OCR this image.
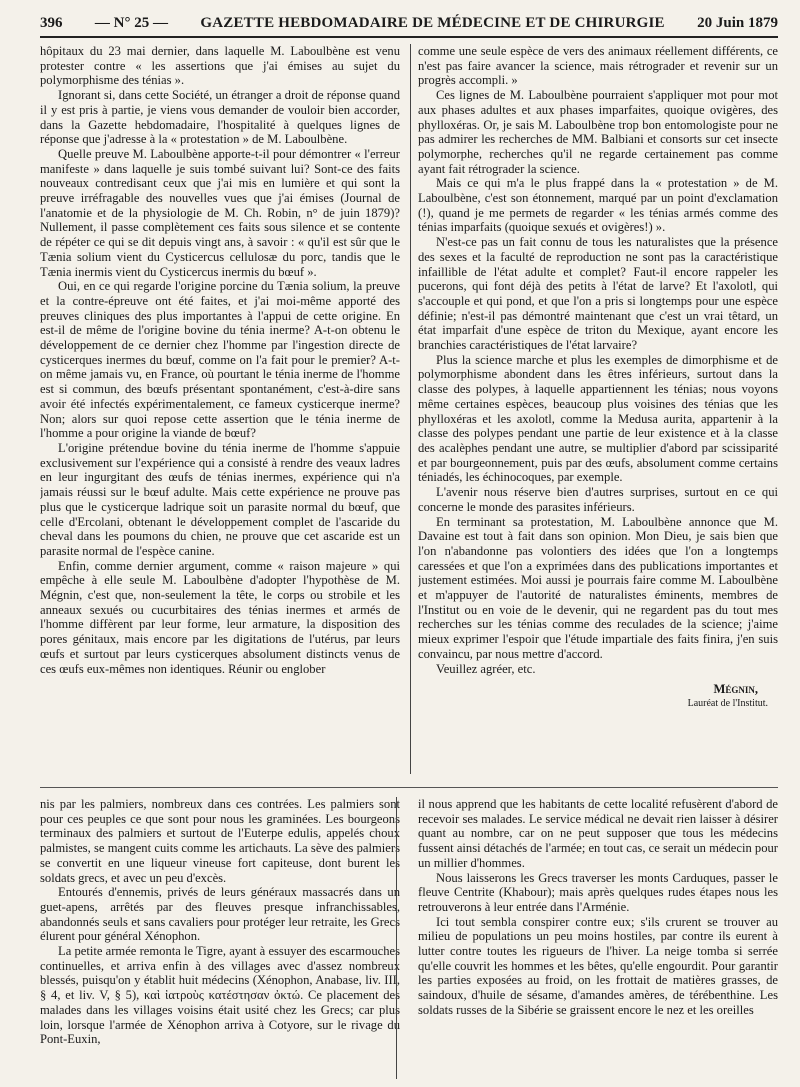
396 — N° 25 — GAZETTE HEBDOMADAIRE DE MÉDECINE ET DE CHIRURGIE 20 Juin 1879

hôpitaux du 23 mai dernier, dans laquelle M. Laboulbène est venu protester contre « les assertions que j'ai émises au sujet du polymorphisme des ténias ».

Ignorant si, dans cette Société, un étranger a droit de réponse quand il y est pris à partie, je viens vous demander de vouloir bien accorder, dans la Gazette hebdomadaire, l'hospitalité à quelques lignes de réponse que j'adresse à la « protestation » de M. Laboulbène.

Quelle preuve M. Laboulbène apporte-t-il pour démontrer « l'erreur manifeste » dans laquelle je suis tombé suivant lui? Sont-ce des faits nouveaux contredisant ceux que j'ai mis en lumière et qui sont la preuve irréfragable des nouvelles vues que j'ai émises (Journal de l'anatomie et de la physiologie de M. Ch. Robin, n° de juin 1879)? Nullement, il passe complètement ces faits sous silence et se contente de répéter ce qui se dit depuis vingt ans, à savoir : « qu'il est sûr que le Tænia solium vient du Cysticercus cellulosæ du porc, tandis que le Tænia inermis vient du Cysticercus inermis du bœuf ».

Oui, en ce qui regarde l'origine porcine du Tænia solium, la preuve et la contre-épreuve ont été faites, et j'ai moi-même apporté des preuves cliniques des plus importantes à l'appui de cette origine. En est-il de même de l'origine bovine du ténia inerme? A-t-on obtenu le développement de ce dernier chez l'homme par l'ingestion directe de cysticerques inermes du bœuf, comme on l'a fait pour le premier? A-t-on même jamais vu, en France, où pourtant le ténia inerme de l'homme est si commun, des bœufs présentant spontanément, c'est-à-dire sans avoir été infectés expérimentalement, ce fameux cysticerque inerme? Non; alors sur quoi repose cette assertion que le ténia inerme de l'homme a pour origine la viande de bœuf?

L'origine prétendue bovine du ténia inerme de l'homme s'appuie exclusivement sur l'expérience qui a consisté à rendre des veaux ladres en leur ingurgitant des œufs de ténias inermes, expérience qui n'a jamais réussi sur le bœuf adulte. Mais cette expérience ne prouve pas plus que le cysticerque ladrique soit un parasite normal du bœuf, que celle d'Ercolani, obtenant le développement complet de l'ascaride du cheval dans les poumons du chien, ne prouve que cet ascaride est un parasite normal de l'espèce canine.

Enfin, comme dernier argument, comme « raison majeure » qui empêche à elle seule M. Laboulbène d'adopter l'hypothèse de M. Mégnin, c'est que, non-seulement la tête, le corps ou strobile et les anneaux sexués ou cucurbitaires des ténias inermes et armés de l'homme diffèrent par leur forme, leur armature, la disposition des pores génitaux, mais encore par les digitations de l'utérus, par leurs œufs et surtout par leurs cysticerques absolument distincts venus de ces œufs eux-mêmes non identiques. Réunir ou englober

comme une seule espèce de vers des animaux réellement différents, ce n'est pas faire avancer la science, mais rétrograder et revenir sur un progrès accompli. »

Ces lignes de M. Laboulbène pourraient s'appliquer mot pour mot aux phases adultes et aux phases imparfaites, quoique ovigères, des phylloxéras. Or, je sais M. Laboulbène trop bon entomologiste pour ne pas admirer les recherches de MM. Balbiani et consorts sur cet insecte polymorphe, recherches qu'il ne regarde certainement pas comme ayant fait rétrograder la science.

Mais ce qui m'a le plus frappé dans la « protestation » de M. Laboulbène, c'est son étonnement, marqué par un point d'exclamation (!), quand je me permets de regarder « les ténias armés comme des ténias imparfaits (quoique sexués et ovigères!) ».

N'est-ce pas un fait connu de tous les naturalistes que la présence des sexes et la faculté de reproduction ne sont pas la caractéristique infaillible de l'état adulte et complet? Faut-il encore rappeler les pucerons, qui font déjà des petits à l'état de larve? Et l'axolotl, qui s'accouple et qui pond, et que l'on a pris si longtemps pour une espèce définie; n'est-il pas démontré maintenant que c'est un vrai têtard, un état imparfait d'une espèce de triton du Mexique, ayant encore les branchies caractéristiques de l'état larvaire?

Plus la science marche et plus les exemples de dimorphisme et de polymorphisme abondent dans les êtres inférieurs, surtout dans la classe des polypes, à laquelle appartiennent les ténias; nous voyons même certaines espèces, beaucoup plus voisines des ténias que les phylloxéras et les axolotl, comme la Medusa aurita, appartenir à la classe des polypes pendant une partie de leur existence et à la classe des acalèphes pendant une autre, se multiplier d'abord par scissiparité et par bourgeonnement, puis par des œufs, absolument comme certains téniadés, les échinocoques, par exemple.

L'avenir nous réserve bien d'autres surprises, surtout en ce qui concerne le monde des parasites inférieurs.

En terminant sa protestation, M. Laboulbène annonce que M. Davaine est tout à fait dans son opinion. Mon Dieu, je sais bien que l'on n'abandonne pas volontiers des idées que l'on a longtemps caressées et que l'on a exprimées dans des publications importantes et justement estimées. Moi aussi je pourrais faire comme M. Laboulbène et m'appuyer de l'autorité de naturalistes éminents, membres de l'Institut ou en voie de le devenir, qui ne regardent pas du tout mes recherches sur les ténias comme des reculades de la science; j'aime mieux exprimer l'espoir que l'étude impartiale des faits finira, j'en suis convaincu, par nous mettre d'accord.

Veuillez agréer, etc.

Mégnin,
Lauréat de l'Institut.

nis par les palmiers, nombreux dans ces contrées. Les palmiers sont pour ces peuples ce que sont pour nous les graminées. Les bourgeons terminaux des palmiers et surtout de l'Euterpe edulis, appelés choux palmistes, se mangent cuits comme les artichauts. La sève des palmiers se convertit en une liqueur vineuse fort capiteuse, dont burent les soldats grecs, et avec un peu d'excès.

Entourés d'ennemis, privés de leurs généraux massacrés dans un guet-apens, arrêtés par des fleuves presque infranchissables, abandonnés seuls et sans cavaliers pour protéger leur retraite, les Grecs élurent pour général Xénophon.

La petite armée remonta le Tigre, ayant à essuyer des escarmouches continuelles, et arriva enfin à des villages avec d'assez nombreux blessés, puisqu'on y établit huit médecins (Xénophon, Anabase, liv. III, § 4, et liv. V, § 5), καὶ ἰατροὺς κατέστησαν ὀκτώ. Ce placement des malades dans les villages voisins était usité chez les Grecs; car plus loin, lorsque l'armée de Xénophon arriva à Cotyore, sur le rivage du Pont-Euxin,

il nous apprend que les habitants de cette localité refusèrent d'abord de recevoir ses malades. Le service médical ne devait rien laisser à désirer quant au nombre, car on ne peut supposer que tous les médecins fussent ainsi détachés de l'armée; en tout cas, ce serait un médecin pour un millier d'hommes.

Nous laisserons les Grecs traverser les monts Carduques, passer le fleuve Centrite (Khabour); mais après quelques rudes étapes nous les retrouverons à leur entrée dans l'Arménie.

Ici tout sembla conspirer contre eux; s'ils crurent se trouver au milieu de populations un peu moins hostiles, par contre ils eurent à lutter contre toutes les rigueurs de l'hiver. La neige tomba si serrée qu'elle couvrit les hommes et les bêtes, qu'elle engourdit. Pour garantir les parties exposées au froid, on les frottait de matières grasses, de saindoux, d'huile de sésame, d'amandes amères, de térébenthine. Les soldats russes de la Sibérie se graissent encore le nez et les oreilles
